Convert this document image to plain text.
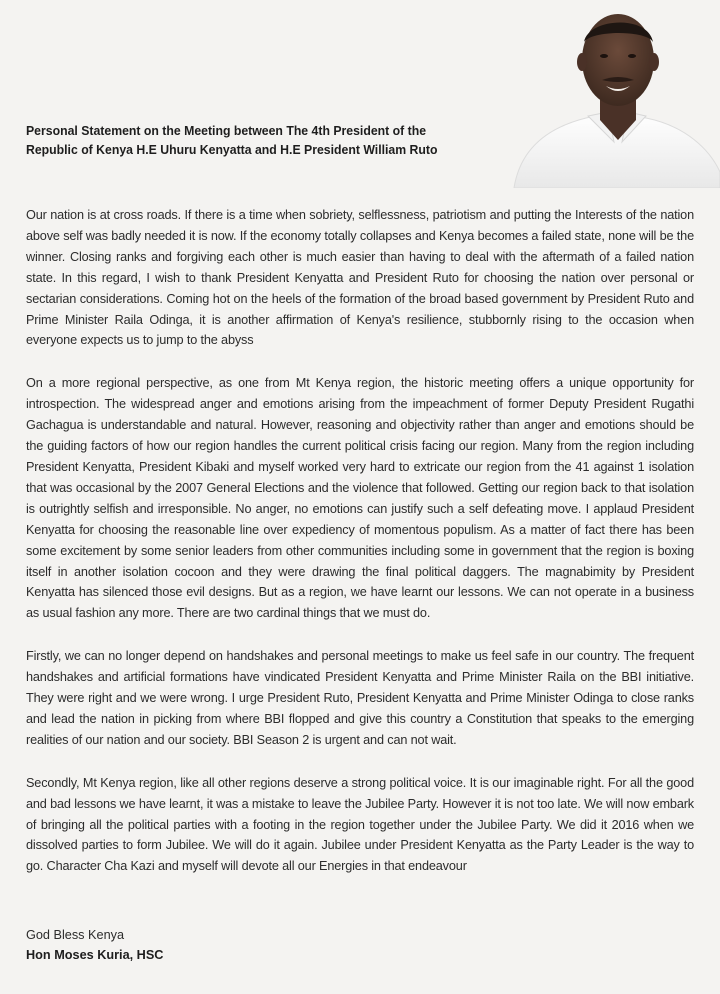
Personal Statement on the Meeting between The 4th President of the
Republic of Kenya H.E Uhuru Kenyatta and H.E President William Ruto

Our nation is at cross roads. If there is a time when sobriety, selflessness, patriotism and putting the Interests of the nation above self was badly needed it is now. If the economy totally collapses and Kenya becomes a failed state, none will be the winner. Closing ranks and forgiving each other is much easier than having to deal with the aftermath of a failed nation state. In this regard, I wish to thank President Kenyatta and President Ruto for choosing the nation over personal or sectarian considerations. Coming hot on the heels of the formation of the broad based government by President Ruto and Prime Minister Raila Odinga, it is another affirmation of Kenya's resilience, stubbornly rising to the occasion when everyone expects us to jump to the abyss

On a more regional perspective, as one from Mt Kenya region, the historic meeting offers a unique opportunity for introspection. The widespread anger and emotions arising from the impeachment of former Deputy President Rugathi Gachagua is understandable and natural. However, reasoning and objectivity rather than anger and emotions should be the guiding factors of how our region handles the current political crisis facing our region. Many from the region including President Kenyatta, President Kibaki and myself worked very hard to extricate our region from the 41 against 1 isolation that was occasional by the 2007 General Elections and the violence that followed. Getting our region back to that isolation is outrightly selfish and irresponsible. No anger, no emotions can justify such a self defeating move. I applaud President Kenyatta for choosing the reasonable line over expediency of momentous populism. As a matter of fact there has been some excitement by some senior leaders from other communities including some in government that the region is boxing itself in another isolation cocoon and they were drawing the final political daggers. The magnabimity by President Kenyatta has silenced those evil designs. But as a region, we have learnt our lessons. We can not operate in a business as usual fashion any more. There are two cardinal things that we must do.

Firstly, we can no longer depend on handshakes and personal meetings to make us feel safe in our country. The frequent handshakes and artificial formations have vindicated President Kenyatta and Prime Minister Raila on the BBI initiative. They were right and we were wrong. I urge President Ruto, President Kenyatta and Prime Minister Odinga to close ranks and lead the nation in picking from where BBI flopped and give this country a Constitution that speaks to the emerging realities of our nation and our society. BBI Season 2 is urgent and can not wait.

Secondly, Mt Kenya region, like all other regions deserve a strong political voice. It is our imaginable right. For all the good and bad lessons we have learnt, it was a mistake to leave the Jubilee Party. However it is not too late. We will now embark of bringing all the political parties with a footing in the region together under the Jubilee Party. We did it 2016 when we dissolved parties to form Jubilee. We will do it again. Jubilee under President Kenyatta as the Party Leader is the way to go. Character Cha Kazi and myself will devote all our Energies in that endeavour

God Bless Kenya
Hon Moses Kuria, HSC
